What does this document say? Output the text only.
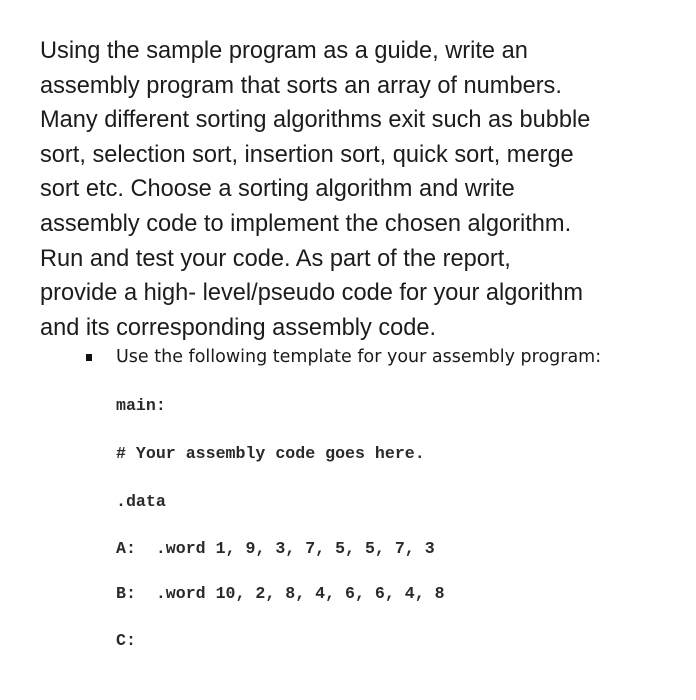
Using the sample program as a guide, write an
assembly program that sorts an array of numbers.
Many different sorting algorithms exit such as bubble
sort, selection sort, insertion sort, quick sort, merge
sort etc. Choose a sorting algorithm and write
assembly code to implement the chosen algorithm.
Run and test your code. As part of the report,
provide a high- level/pseudo code for your algorithm
and its corresponding assembly code.
Use the following template for your assembly program:
main:
# Your assembly code goes here.
.data
A:  .word 1, 9, 3, 7, 5, 5, 7, 3
B:  .word 10, 2, 8, 4, 6, 6, 4, 8
C:
